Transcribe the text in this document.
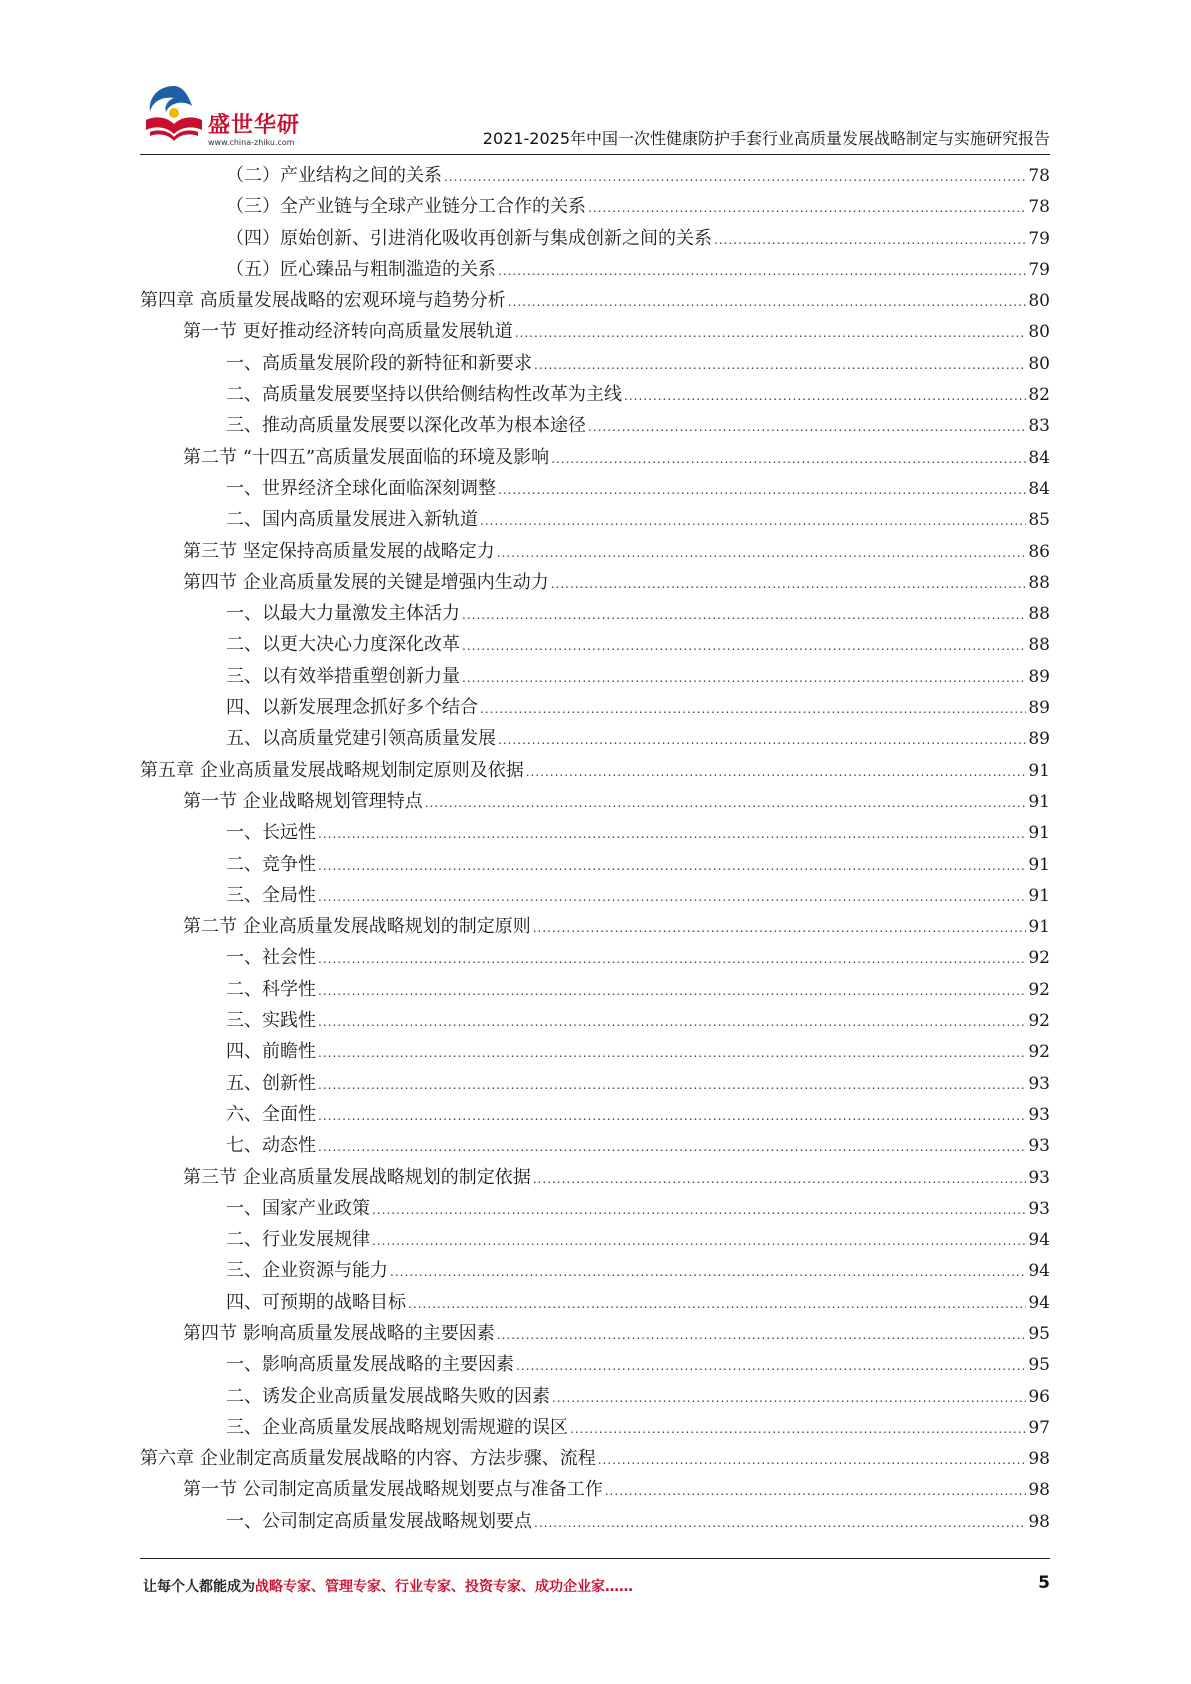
盛世华研
www.china-zhiku.com	2021-2025年中国一次性健康防护手套行业高质量发展战略制定与实施研究报告
（二）产业结构之间的关系 .....	78
（三）全产业链与全球产业链分工合作的关系 .....	78
（四）原始创新、引进消化吸收再创新与集成创新之间的关系 .....	79
（五）匠心臻品与粗制滥造的关系 .....	79
第四章 高质量发展战略的宏观环境与趋势分析 .....	80
第一节 更好推动经济转向高质量发展轨道 .....	80
一、高质量发展阶段的新特征和新要求 .....	80
二、高质量发展要坚持以供给侧结构性改革为主线 .....	82
三、推动高质量发展要以深化改革为根本途径 .....	83
第二节 “十四五”高质量发展面临的环境及影响 .....	84
一、世界经济全球化面临深刻调整 .....	84
二、国内高质量发展进入新轨道 .....	85
第三节 坚定保持高质量发展的战略定力 .....	86
第四节 企业高质量发展的关键是增强内生动力 .....	88
一、以最大力量激发主体活力 .....	88
二、以更大决心力度深化改革 .....	88
三、以有效举措重塑创新力量 .....	89
四、以新发展理念抓好多个结合 .....	89
五、以高质量党建引领高质量发展 .....	89
第五章 企业高质量发展战略规划制定原则及依据 .....	91
第一节 企业战略规划管理特点 .....	91
一、长远性 .....	91
二、竞争性 .....	91
三、全局性 .....	91
第二节 企业高质量发展战略规划的制定原则 .....	91
一、社会性 .....	92
二、科学性 .....	92
三、实践性 .....	92
四、前瞻性 .....	92
五、创新性 .....	93
六、全面性 .....	93
七、动态性 .....	93
第三节 企业高质量发展战略规划的制定依据 .....	93
一、国家产业政策 .....	93
二、行业发展规律 .....	94
三、企业资源与能力 .....	94
四、可预期的战略目标 .....	94
第四节 影响高质量发展战略的主要因素 .....	95
一、影响高质量发展战略的主要因素 .....	95
二、诱发企业高质量发展战略失败的因素 .....	96
三、企业高质量发展战略规划需规避的误区 .....	97
第六章 企业制定高质量发展战略的内容、方法步骤、流程 .....	98
第一节 公司制定高质量发展战略规划要点与准备工作 .....	98
一、公司制定高质量发展战略规划要点 .....	98
让每个人都能成为战略专家、管理专家、行业专家、投资专家、成功企业家……	5
